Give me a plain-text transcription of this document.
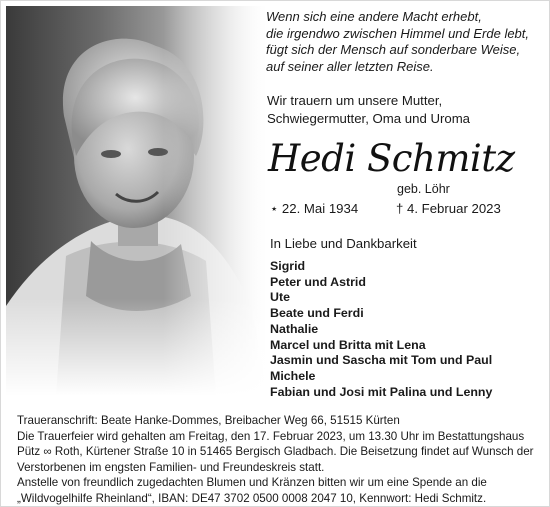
Wenn sich eine andere Macht erhebt,
die irgendwo zwischen Himmel und Erde lebt,
fügt sich der Mensch auf sonderbare Weise,
auf seiner aller letzten Reise.
Wir trauern um unsere Mutter,
Schwiegermutter, Oma und Uroma
Hedi Schmitz
geb. Löhr
⋆ 22. Mai 1934	† 4. Februar 2023
In Liebe und Dankbarkeit
Sigrid
Peter und Astrid
Ute
Beate und Ferdi
Nathalie
Marcel und Britta mit Lena
Jasmin und Sascha mit Tom und Paul
Michele
Fabian und Josi mit Palina und Lenny
Traueranschrift: Beate Hanke-Dommes, Breibacher Weg 66, 51515 Kürten
Die Trauerfeier wird gehalten am Freitag, den 17. Februar 2023, um 13.30 Uhr im Bestattungshaus
Pütz ∞ Roth, Kürtener Straße 10 in 51465 Bergisch Gladbach. Die Beisetzung findet auf Wunsch der
Verstorbenen im engsten Familien- und Freundeskreis statt.
Anstelle von freundlich zugedachten Blumen und Kränzen bitten wir um eine Spende an die
„Wildvogelhilfe Rheinland“, IBAN: DE47 3702 0500 0008 2047 10, Kennwort: Hedi Schmitz.
